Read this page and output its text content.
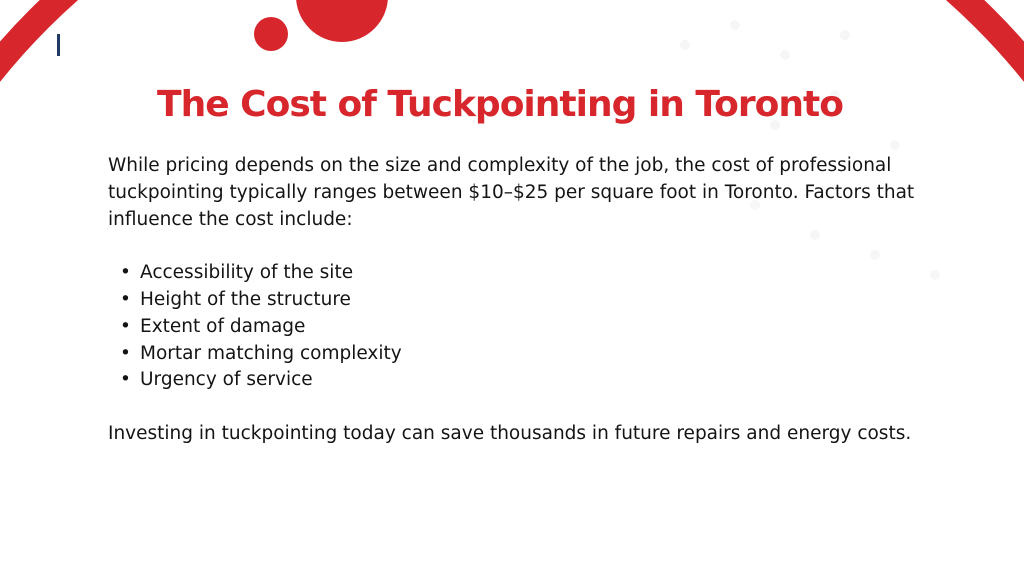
The Cost of Tuckpointing in Toronto

While pricing depends on the size and complexity of the job, the cost of professional tuckpointing typically ranges between $10–$25 per square foot in Toronto. Factors that influence the cost include:

• Accessibility of the site
• Height of the structure
• Extent of damage
• Mortar matching complexity
• Urgency of service

Investing in tuckpointing today can save thousands in future repairs and energy costs.
